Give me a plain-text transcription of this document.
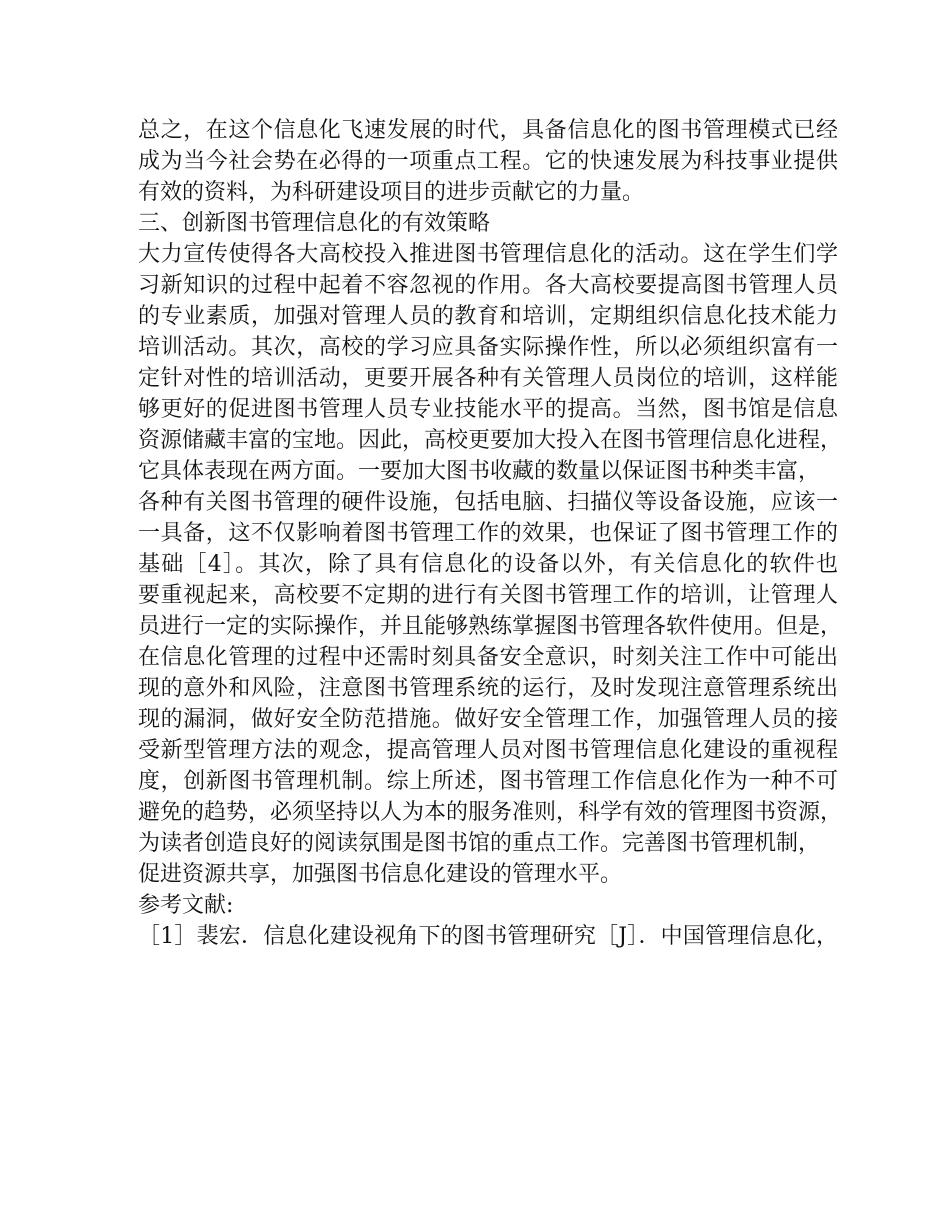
总之，在这个信息化飞速发展的时代，具备信息化的图书管理模式已经
成为当今社会势在必得的一项重点工程。它的快速发展为科技事业提供
有效的资料，为科研建设项目的进步贡献它的力量。
三、创新图书管理信息化的有效策略
大力宣传使得各大高校投入推进图书管理信息化的活动。这在学生们学
习新知识的过程中起着不容忽视的作用。各大高校要提高图书管理人员
的专业素质，加强对管理人员的教育和培训，定期组织信息化技术能力
培训活动。其次，高校的学习应具备实际操作性，所以必须组织富有一
定针对性的培训活动，更要开展各种有关管理人员岗位的培训，这样能
够更好的促进图书管理人员专业技能水平的提高。当然，图书馆是信息
资源储藏丰富的宝地。因此，高校更要加大投入在图书管理信息化进程，
它具体表现在两方面。一要加大图书收藏的数量以保证图书种类丰富，
各种有关图书管理的硬件设施，包括电脑、扫描仪等设备设施，应该一
一具备，这不仅影响着图书管理工作的效果，也保证了图书管理工作的
基础［4］。其次，除了具有信息化的设备以外，有关信息化的软件也
要重视起来，高校要不定期的进行有关图书管理工作的培训，让管理人
员进行一定的实际操作，并且能够熟练掌握图书管理各软件使用。但是，
在信息化管理的过程中还需时刻具备安全意识，时刻关注工作中可能出
现的意外和风险，注意图书管理系统的运行，及时发现注意管理系统出
现的漏洞，做好安全防范措施。做好安全管理工作，加强管理人员的接
受新型管理方法的观念，提高管理人员对图书管理信息化建设的重视程
度，创新图书管理机制。综上所述，图书管理工作信息化作为一种不可
避免的趋势，必须坚持以人为本的服务准则，科学有效的管理图书资源，
为读者创造良好的阅读氛围是图书馆的重点工作。完善图书管理机制，
促进资源共享，加强图书信息化建设的管理水平。
参考文献:
［1］裴宏．信息化建设视角下的图书管理研究［J］．中国管理信息化，
